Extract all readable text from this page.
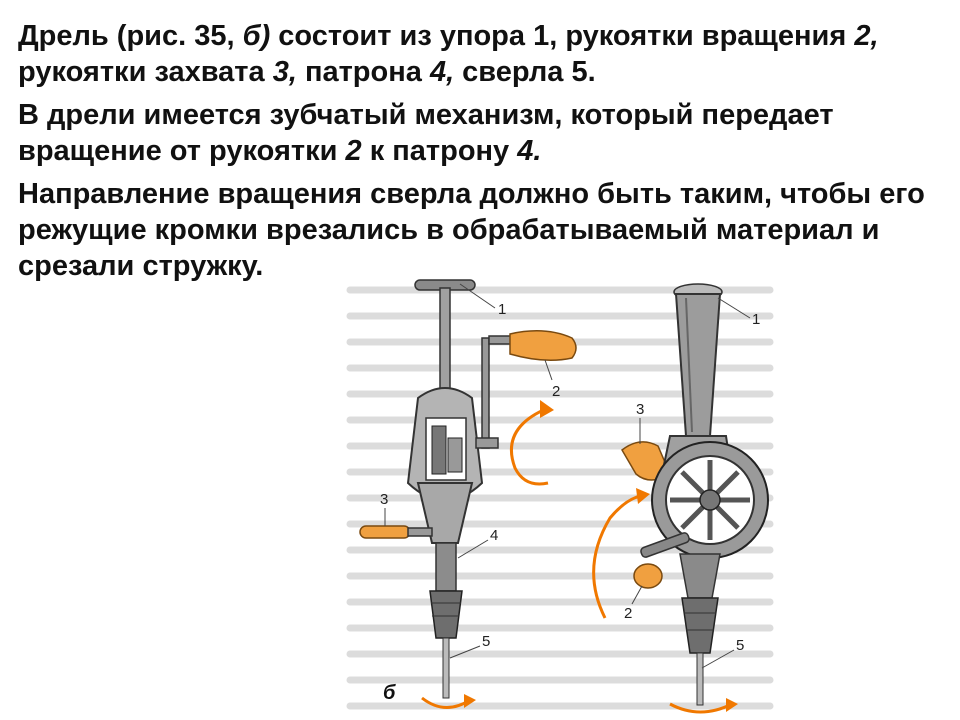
Дрель (рис. 35, б) состоит из упора 1, рукоятки вращения 2, рукоятки захвата 3, патрона 4, сверла 5.

В дрели имеется зубчатый механизм, который передает вращение от рукоятки 2 к патрону 4.

Направление вращения сверла должно быть таким, чтобы его режущие кромки врезались в обрабатываемый материал и срезали стружку.

1
2
3
4
5
1
3
2
5
б
